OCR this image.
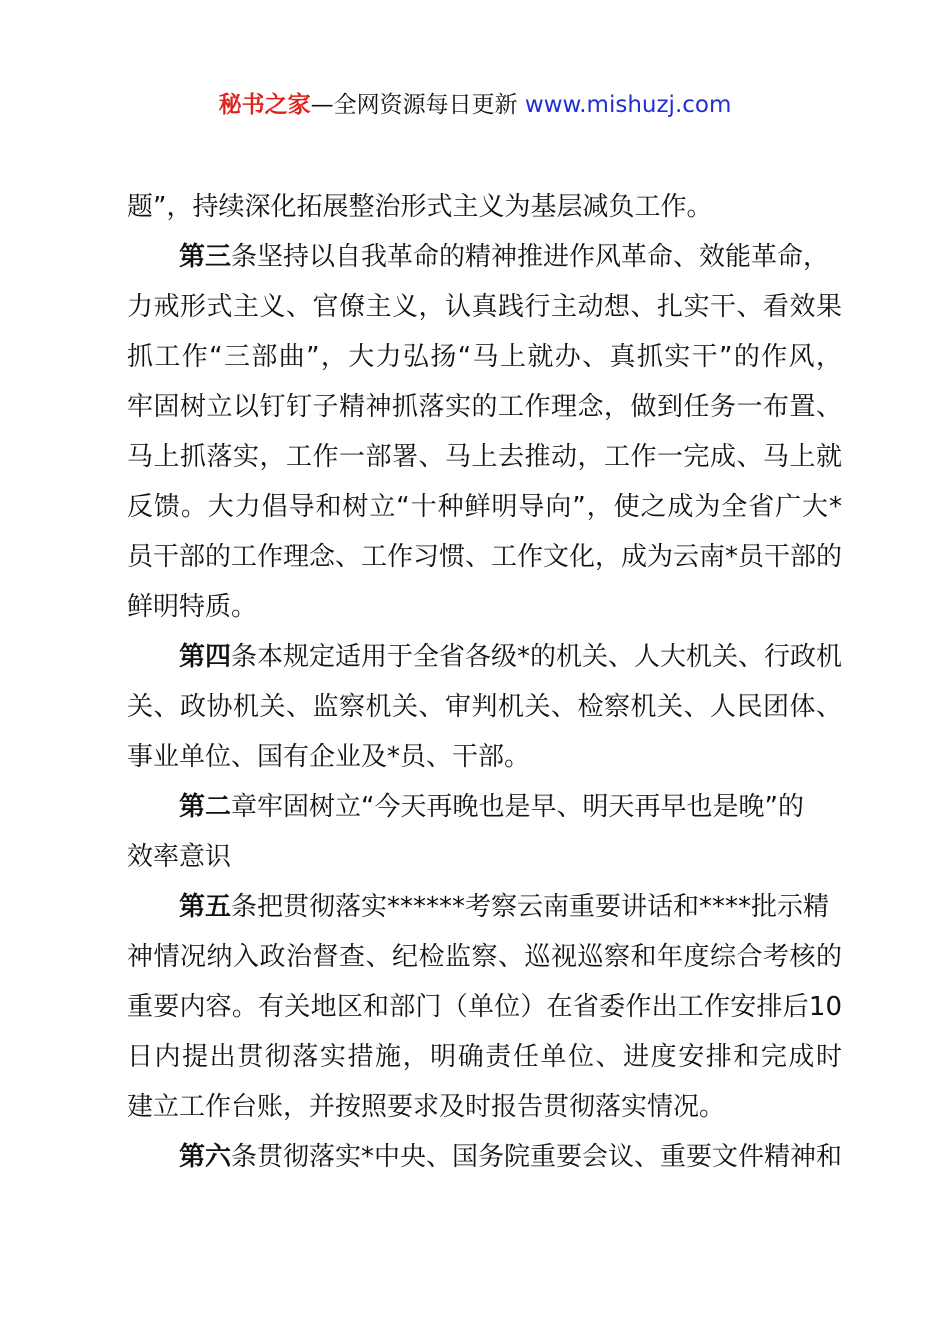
秘书之家—全网资源每日更新 www.mishuzj.com

题”，持续深化拓展整治形式主义为基层减负工作。

第三条坚持以自我革命的精神推进作风革命、效能革命，

力戒形式主义、官僚主义，认真践行主动想、扎实干、看效果

抓工作“三部曲”，大力弘扬“马上就办、真抓实干”的作风，

牢固树立以钉钉子精神抓落实的工作理念，做到任务一布置、

马上抓落实，工作一部署、马上去推动，工作一完成、马上就

反馈。大力倡导和树立“十种鲜明导向”，使之成为全省广大*

员干部的工作理念、工作习惯、工作文化，成为云南*员干部的

鲜明特质。

第四条本规定适用于全省各级*的机关、人大机关、行政机

关、政协机关、监察机关、审判机关、检察机关、人民团体、

事业单位、国有企业及*员、干部。

第二章牢固树立“今天再晚也是早、明天再早也是晚”的

效率意识

第五条把贯彻落实******考察云南重要讲话和****批示精

神情况纳入政治督查、纪检监察、巡视巡察和年度综合考核的

重要内容。有关地区和部门（单位）在省委作出工作安排后10

日内提出贯彻落实措施，明确责任单位、进度安排和完成时

建立工作台账，并按照要求及时报告贯彻落实情况。

第六条贯彻落实*中央、国务院重要会议、重要文件精神和
